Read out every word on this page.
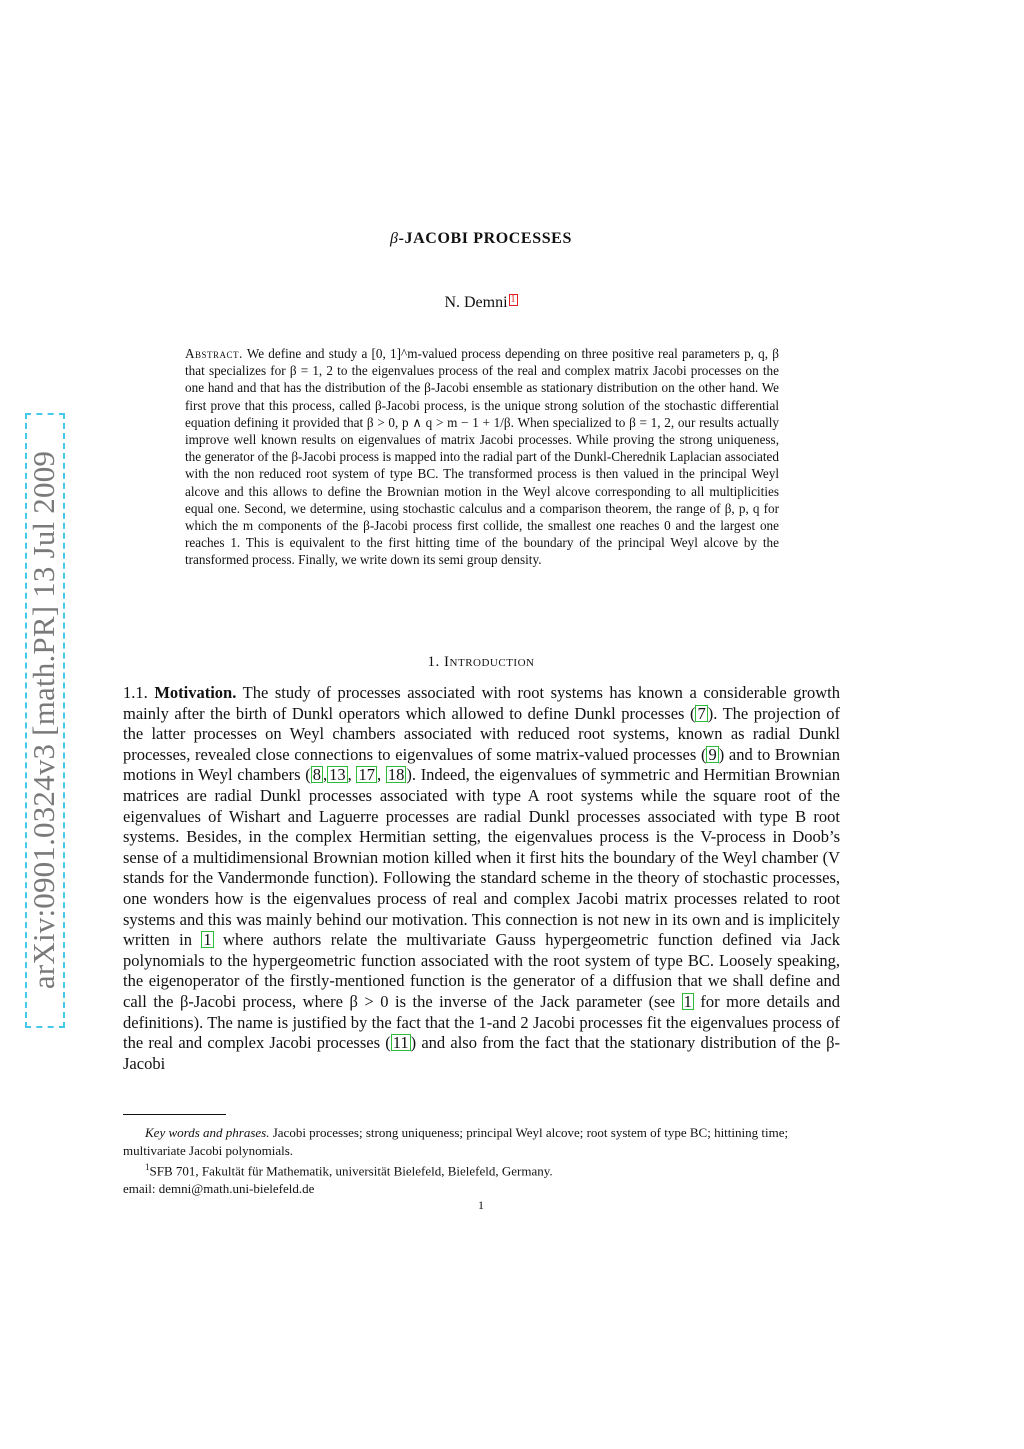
arXiv:0901.0324v3 [math.PR] 13 Jul 2009
β-JACOBI PROCESSES
N. Demni 1
Abstract. We define and study a [0, 1]^m-valued process depending on three positive real parameters p, q, β that specializes for β = 1, 2 to the eigenvalues process of the real and complex matrix Jacobi processes on the one hand and that has the distribution of the β-Jacobi ensemble as stationary distribution on the other hand. We first prove that this process, called β-Jacobi process, is the unique strong solution of the stochastic differential equation defining it provided that β > 0, p ∧ q > m − 1 + 1/β. When specialized to β = 1, 2, our results actually improve well known results on eigenvalues of matrix Jacobi processes. While proving the strong uniqueness, the generator of the β-Jacobi process is mapped into the radial part of the Dunkl-Cherednik Laplacian associated with the non reduced root system of type BC. The transformed process is then valued in the principal Weyl alcove and this allows to define the Brownian motion in the Weyl alcove corresponding to all multiplicities equal one. Second, we determine, using stochastic calculus and a comparison theorem, the range of β, p, q for which the m components of the β-Jacobi process first collide, the smallest one reaches 0 and the largest one reaches 1. This is equivalent to the first hitting time of the boundary of the principal Weyl alcove by the transformed process. Finally, we write down its semi group density.
1. Introduction
1.1. Motivation. The study of processes associated with root systems has known a considerable growth mainly after the birth of Dunkl operators which allowed to define Dunkl processes ( 7 ). The projection of the latter processes on Weyl chambers associated with reduced root systems, known as radial Dunkl processes, revealed close connections to eigenvalues of some matrix-valued processes ( 9 ) and to Brownian motions in Weyl chambers ( 8 , 13 , 17 , 18 ). Indeed, the eigenvalues of symmetric and Hermitian Brownian matrices are radial Dunkl processes associated with type A root systems while the square root of the eigenvalues of Wishart and Laguerre processes are radial Dunkl processes associated with type B root systems. Besides, in the complex Hermitian setting, the eigenvalues process is the V-process in Doob’s sense of a multidimensional Brownian motion killed when it first hits the boundary of the Weyl chamber (V stands for the Vandermonde function). Following the standard scheme in the theory of stochastic processes, one wonders how is the eigenvalues process of real and complex Jacobi matrix processes related to root systems and this was mainly behind our motivation. This connection is not new in its own and is implicitely written in 1 where authors relate the multivariate Gauss hypergeometric function defined via Jack polynomials to the hypergeometric function associated with the root system of type BC. Loosely speaking, the eigenoperator of the firstly-mentioned function is the generator of a diffusion that we shall define and call the β-Jacobi process, where β > 0 is the inverse of the Jack parameter (see 1 for more details and definitions). The name is justified by the fact that the 1-and 2 Jacobi processes fit the eigenvalues process of the real and complex Jacobi processes ( 11 ) and also from the fact that the stationary distribution of the β-Jacobi
Key words and phrases. Jacobi processes; strong uniqueness; principal Weyl alcove; root system of type BC; hittining time; multivariate Jacobi polynomials.
$^1$SFB 701, Fakultät für Mathematik, universität Bielefeld, Bielefeld, Germany.
email: demni@math.uni-bielefeld.de
1
